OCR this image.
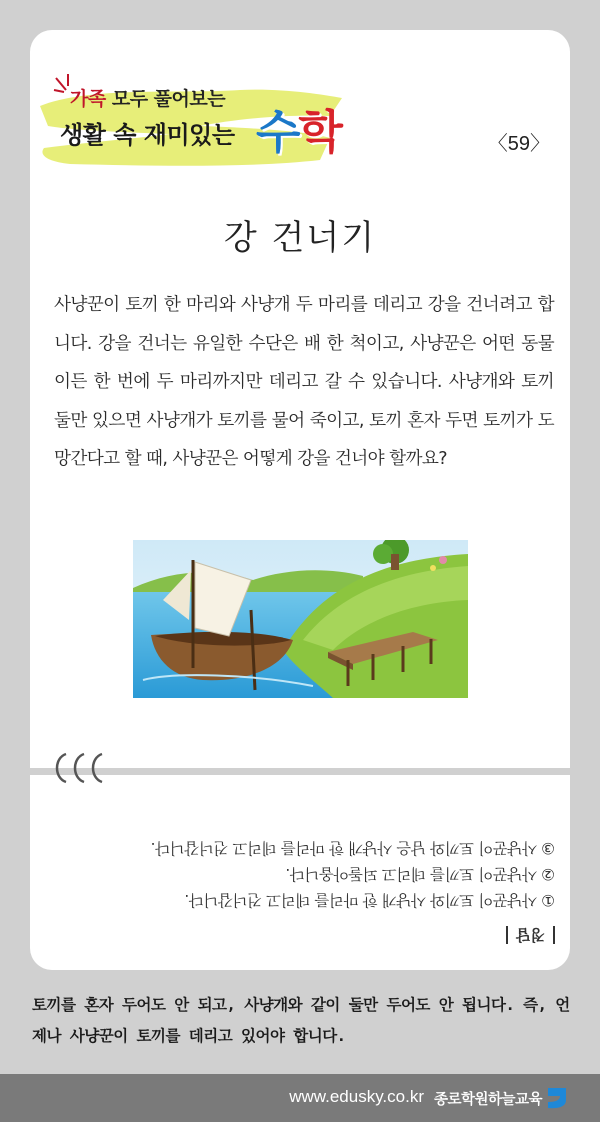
가족 모두 풀어보는
생활 속 재미있는 수학	〈59〉
강 건너기
사냥꾼이 토끼 한 마리와 사냥개 두 마리를 데리고 강을 건너려고 합니다. 강을 건너는 유일한 수단은 배 한 척이고, 사냥꾼은 어떤 동물이든 한 번에 두 마리까지만 데리고 갈 수 있습니다. 사냥개와 토끼 둘만 있으면 사냥개가 토끼를 물어 죽이고, 토끼 혼자 두면 토끼가 도망간다고 할 때, 사냥꾼은 어떻게 강을 건너야 할까요?
정답
① 사냥꾼이 토끼와 사냥개 한 마리를 데리고 건너갑니다.
② 사냥꾼이 토끼를 데리고 되돌아옵니다.
③ 사냥꾼이 토끼와 남은 사냥개 한 마리를 데리고 건너갑니다.
토끼를 혼자 두어도 안 되고, 사냥개와 같이 둘만 두어도 안 됩니다. 즉, 언제나 사냥꾼이 토끼를 데리고 있어야 합니다.
www.edusky.co.kr 종로학원하늘교육
